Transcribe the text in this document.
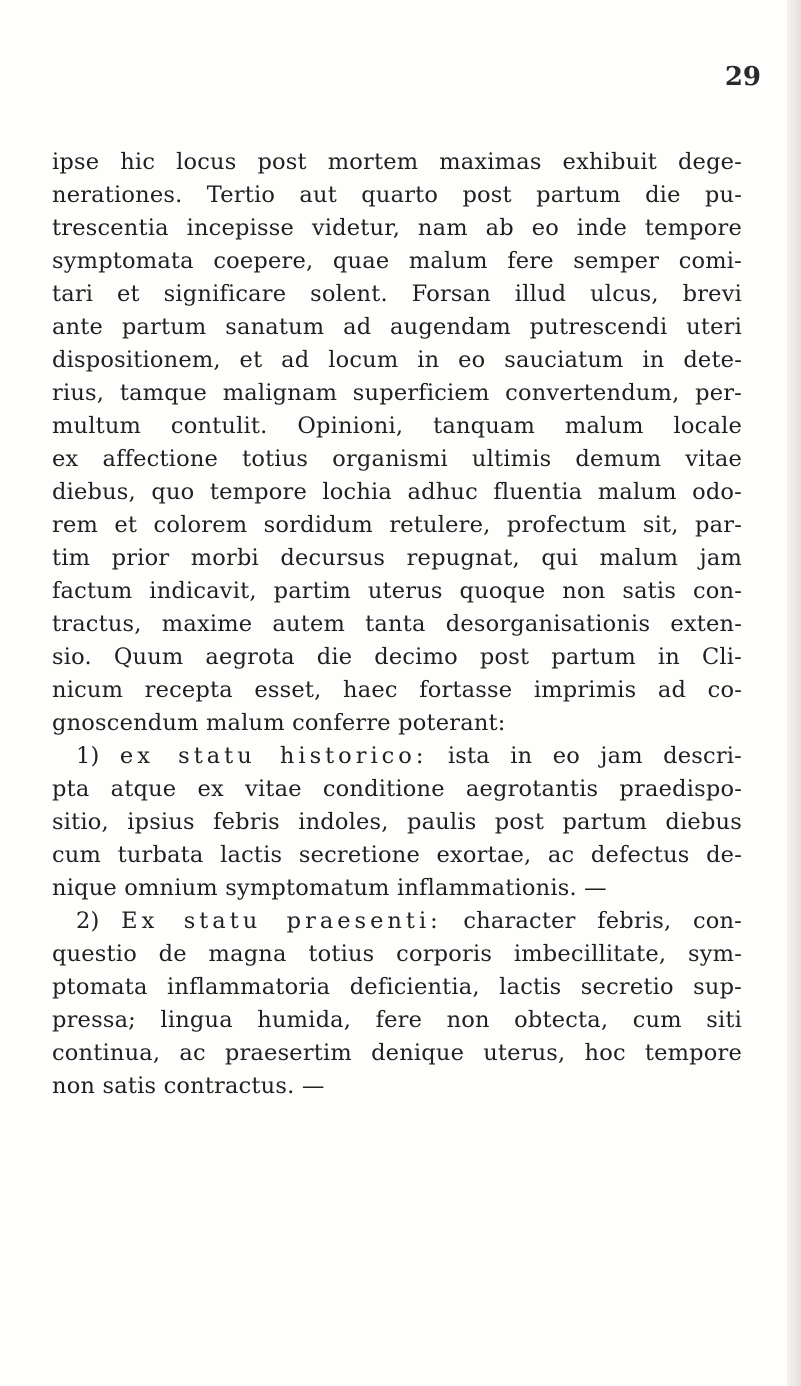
29
ipse hic locus post mortem maximas exhibuit dege-
nerationes. Tertio aut quarto post partum die pu-
trescentia incepisse videtur, nam ab eo inde tempore
symptomata coepere, quae malum fere semper comi-
tari et significare solent. Forsan illud ulcus, brevi
ante partum sanatum ad augendam putrescendi uteri
dispositionem, et ad locum in eo sauciatum in dete-
rius, tamque malignam superficiem convertendum, per-
multum contulit. Opinioni, tanquam malum locale
ex affectione totius organismi ultimis demum vitae
diebus, quo tempore lochia adhuc fluentia malum odo-
rem et colorem sordidum retulere, profectum sit, par-
tim prior morbi decursus repugnat, qui malum jam
factum indicavit, partim uterus quoque non satis con-
tractus, maxime autem tanta desorganisationis exten-
sio. Quum aegrota die decimo post partum in Cli-
nicum recepta esset, haec fortasse imprimis ad co-
gnoscendum malum conferre poterant:
1) ex statu historico: ista in eo jam descri-
pta atque ex vitae conditione aegrotantis praedispo-
sitio, ipsius febris indoles, paulis post partum diebus
cum turbata lactis secretione exortae, ac defectus de-
nique omnium symptomatum inflammationis. —
2) Ex statu praesenti: character febris, con-
questio de magna totius corporis imbecillitate, sym-
ptomata inflammatoria deficientia, lactis secretio sup-
pressa; lingua humida, fere non obtecta, cum siti
continua, ac praesertim denique uterus, hoc tempore
non satis contractus. —
